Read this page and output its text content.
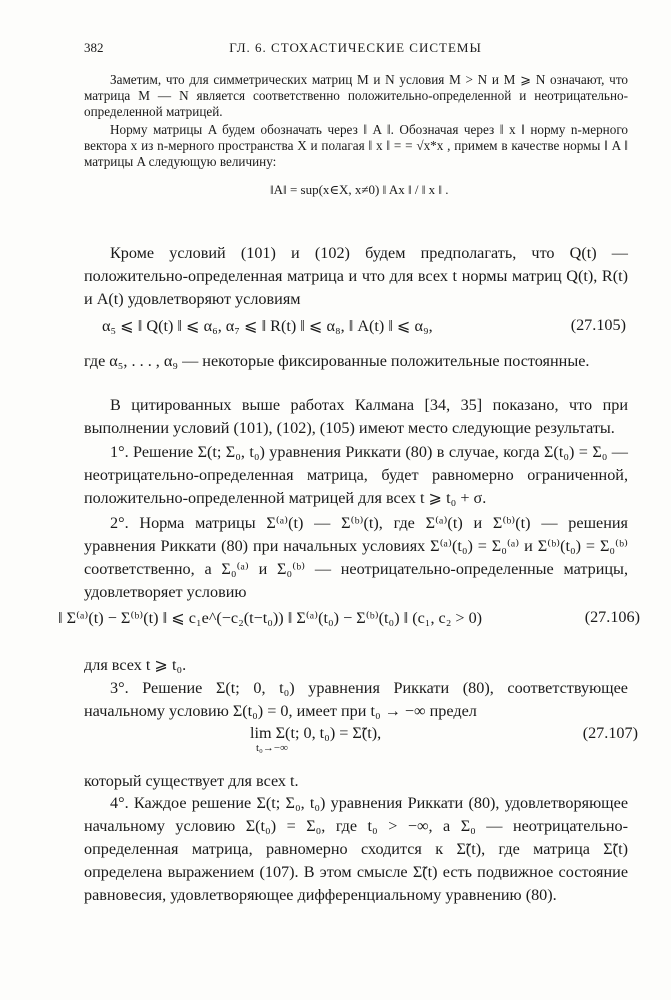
382	ГЛ. 6. СТОХАСТИЧЕСКИЕ СИСТЕМЫ

Заметим, что для симметрических матриц M и N условия M > N и M ⩾ N означают, что матрица M — N является соответственно положительно-определенной и неотрицательно-определенной матрицей.

Норму матрицы A будем обозначать через ‖ A ‖. Обозначая через ‖ x ‖ норму n-мерного вектора x из n-мерного пространства X и полагая ‖ x ‖ = = √x*x , примем в качестве нормы ‖ A ‖ матрицы A следующую величину:

‖A‖ = sup(x∈X, x≠0) ‖ Ax ‖ / ‖ x ‖ .

Кроме условий (101) и (102) будем предполагать, что Q(t) — положительно-определенная матрица и что для всех t нормы матриц Q(t), R(t) и A(t) удовлетворяют условиям

α₅ ⩽ ‖ Q(t) ‖ ⩽ α₆, α₇ ⩽ ‖ R(t) ‖ ⩽ α₈, ‖ A(t) ‖ ⩽ α₉,	(27.105)

где α₅, . . . , α₉ — некоторые фиксированные положительные постоянные.

В цитированных выше работах Калмана [34, 35] показано, что при выполнении условий (101), (102), (105) имеют место следующие результаты.

1°. Решение Σ(t; Σ₀, t₀) уравнения Риккати (80) в случае, когда Σ(t₀) = Σ₀ — неотрицательно-определенная матрица, будет равномерно ограниченной, положительно-определенной матрицей для всех t ⩾ t₀ + σ.

2°. Норма матрицы Σ⁽ᵃ⁾(t) — Σ⁽ᵇ⁾(t), где Σ⁽ᵃ⁾(t) и Σ⁽ᵇ⁾(t) — решения уравнения Риккати (80) при начальных условиях Σ⁽ᵃ⁾(t₀) = Σ₀⁽ᵃ⁾ и Σ⁽ᵇ⁾(t₀) = Σ₀⁽ᵇ⁾ соответственно, а Σ₀⁽ᵃ⁾ и Σ₀⁽ᵇ⁾ — неотрицательно-определенные матрицы, удовлетворяет условию

‖ Σ⁽ᵃ⁾(t) − Σ⁽ᵇ⁾(t) ‖ ⩽ c₁e^(−c₂(t−t₀)) ‖ Σ⁽ᵃ⁾(t₀) − Σ⁽ᵇ⁾(t₀) ‖ (c₁, c₂ > 0)	(27.106)

для всех t ⩾ t₀.

3°. Решение Σ(t; 0, t₀) уравнения Риккати (80), соответствующее начальному условию Σ(t₀) = 0, имеет при t₀ → −∞ предел

lim Σ(t; 0, t₀) = Σ̃(t),
t₀→−∞
(27.107)

который существует для всех t.

4°. Каждое решение Σ(t; Σ₀, t₀) уравнения Риккати (80), удовлетворяющее начальному условию Σ(t₀) = Σ₀, где t₀ > −∞, а Σ₀ — неотрицательно-определенная матрица, равномерно сходится к Σ̃(t), где матрица Σ̃(t) определена выражением (107). В этом смысле Σ̃(t) есть подвижное состояние равновесия, удовлетворяющее дифференциальному уравнению (80).
